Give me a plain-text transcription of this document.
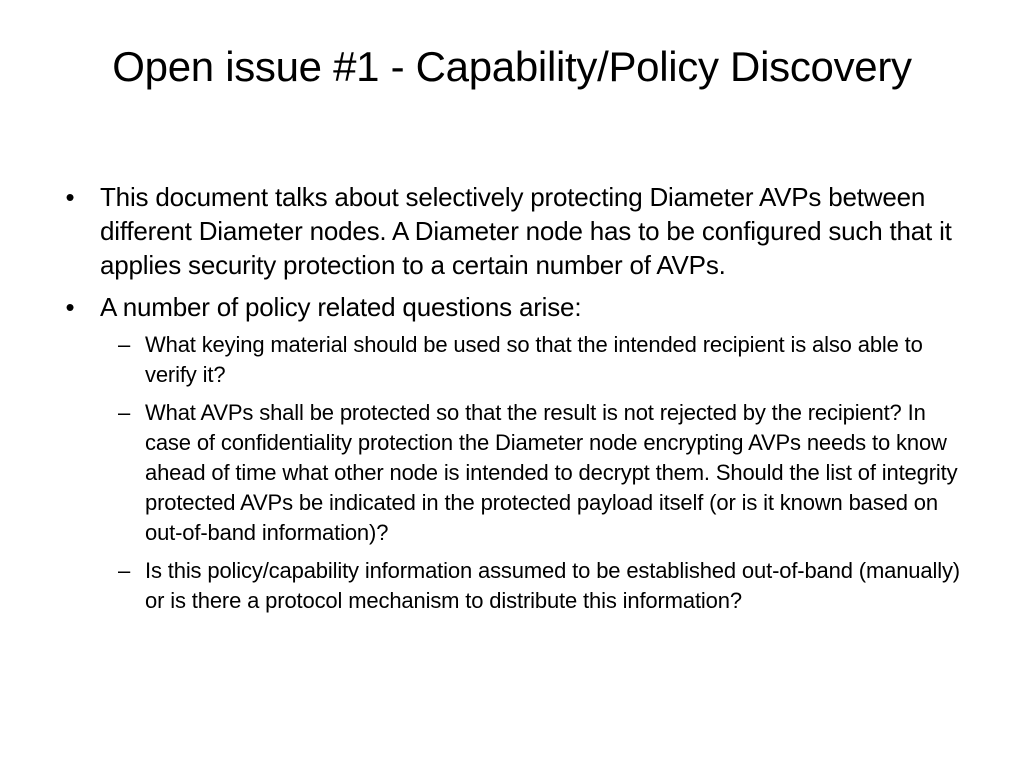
Open issue #1 - Capability/Policy Discovery
• This document talks about selectively protecting Diameter AVPs between different Diameter nodes. A Diameter node has to be configured such that it applies security protection to a certain number of AVPs.
• A number of policy related questions arise:
– What keying material should be used so that the intended recipient is also able to verify it?
– What AVPs shall be protected so that the result is not rejected by the recipient? In case of confidentiality protection the Diameter node encrypting AVPs needs to know ahead of time what other node is intended to decrypt them. Should the list of integrity protected AVPs be indicated in the protected payload itself (or is it known based on out-of-band information)?
– Is this policy/capability information assumed to be established out-of-band (manually) or is there a protocol mechanism to distribute this information?
